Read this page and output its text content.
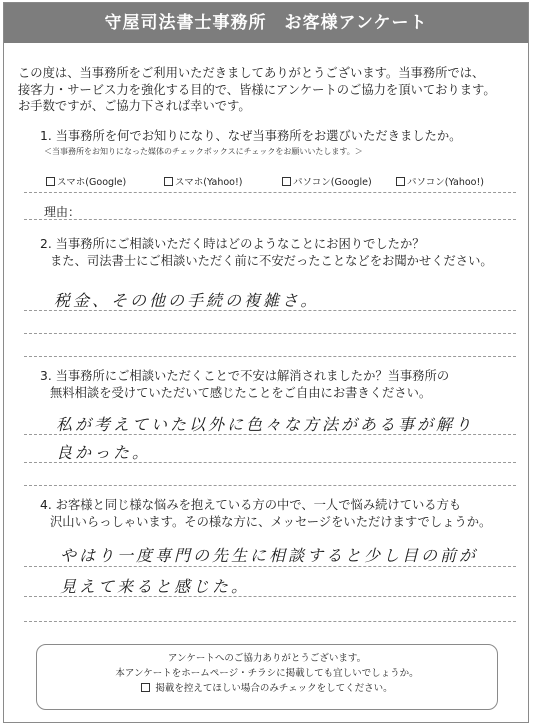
守屋司法書士事務所　お客様アンケート
この度は、当事務所をご利用いただきましてありがとうございます。当事務所では、
接客力・サービス力を強化する目的で、皆様にアンケートのご協力を頂いております。
お手数ですが、ご協力下されば幸いです。
1. 当事務所を何でお知りになり、なぜ当事務所をお選びいただきましたか。
＜当事務所をお知りになった媒体のチェックボックスにチェックをお願いいたします。＞
スマホ(Google)	スマホ(Yahoo!)	パソコン(Google)	パソコン(Yahoo!)
理由：
2. 当事務所にご相談いただく時はどのようなことにお困りでしたか？
また、司法書士にご相談いただく前に不安だったことなどをお聞かせください。
税金、その他の手続の複雑さ。
3. 当事務所にご相談いただくことで不安は解消されましたか？当事務所の
無料相談を受けていただいて感じたことをご自由にお書きください。
私が考えていた以外に色々な方法がある事が解り
良かった。
4. お客様と同じ様な悩みを抱えている方の中で、一人で悩み続けている方も
沢山いらっしゃいます。その様な方に、メッセージをいただけますでしょうか。
やはり一度専門の先生に相談すると少し目の前が
見えて来ると感じた。
アンケートへのご協力ありがとうございます。
本アンケートをホームページ・チラシに掲載しても宜しいでしょうか。
掲載を控えてほしい場合のみチェックをしてください。
